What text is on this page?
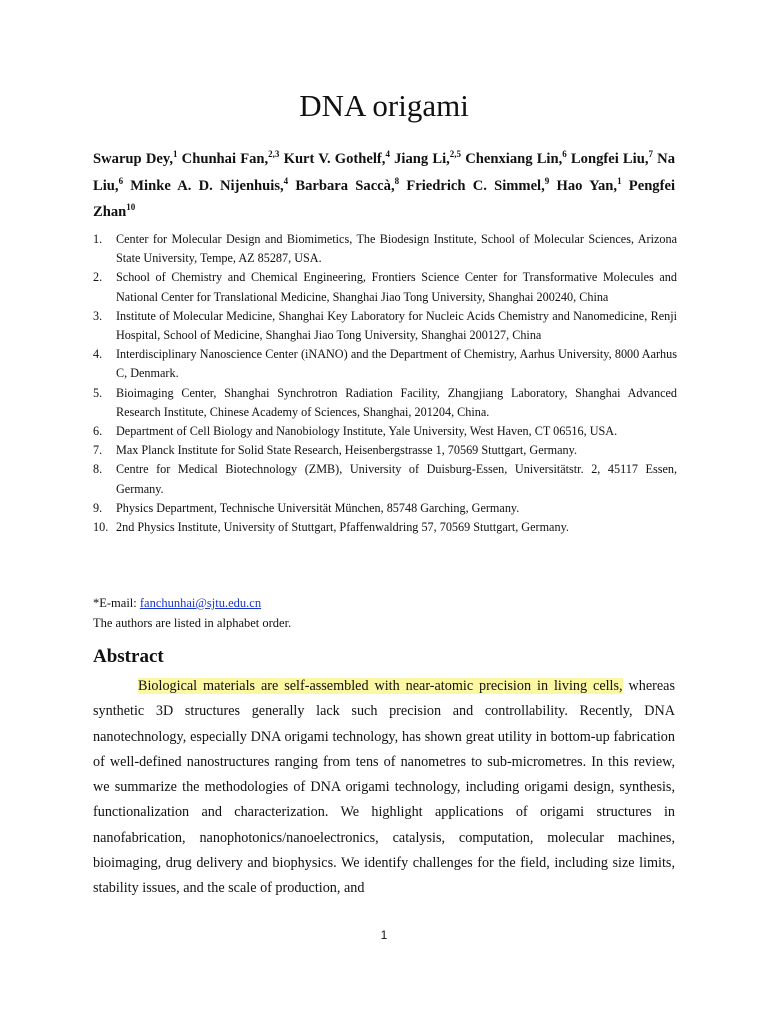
DNA origami

Swarup Dey,$^1$ Chunhai Fan,$^{2,3}$ Kurt V. Gothelf,$^4$ Jiang Li,$^{2,5}$ Chenxiang Lin,$^6$ Longfei Liu,$^7$ Na Liu,$^6$ Minke A. D. Nijenhuis,$^4$ Barbara Saccà,$^8$ Friedrich C. Simmel,$^9$ Hao Yan,$^1$ Pengfei Zhan$^{10}$

1. Center for Molecular Design and Biomimetics, The Biodesign Institute, School of Molecular Sciences, Arizona State University, Tempe, AZ 85287, USA.
2. School of Chemistry and Chemical Engineering, Frontiers Science Center for Transformative Molecules and National Center for Translational Medicine, Shanghai Jiao Tong University, Shanghai 200240, China
3. Institute of Molecular Medicine, Shanghai Key Laboratory for Nucleic Acids Chemistry and Nanomedicine, Renji Hospital, School of Medicine, Shanghai Jiao Tong University, Shanghai 200127, China
4. Interdisciplinary Nanoscience Center (iNANO) and the Department of Chemistry, Aarhus University, 8000 Aarhus C, Denmark.
5. Bioimaging Center, Shanghai Synchrotron Radiation Facility, Zhangjiang Laboratory, Shanghai Advanced Research Institute, Chinese Academy of Sciences, Shanghai, 201204, China.
6. Department of Cell Biology and Nanobiology Institute, Yale University, West Haven, CT 06516, USA.
7. Max Planck Institute for Solid State Research, Heisenbergstrasse 1, 70569 Stuttgart, Germany.
8. Centre for Medical Biotechnology (ZMB), University of Duisburg-Essen, Universitätstr. 2, 45117 Essen, Germany.
9. Physics Department, Technische Universität München, 85748 Garching, Germany.
10. 2nd Physics Institute, University of Stuttgart, Pfaffenwaldring 57, 70569 Stuttgart, Germany.
*E-mail: fanchunhai@sjtu.edu.cn
The authors are listed in alphabet order.
Abstract

Biological materials are self-assembled with near-atomic precision in living cells, whereas synthetic 3D structures generally lack such precision and controllability. Recently, DNA nanotechnology, especially DNA origami technology, has shown great utility in bottom-up fabrication of well-defined nanostructures ranging from tens of nanometres to sub-micrometres. In this review, we summarize the methodologies of DNA origami technology, including origami design, synthesis, functionalization and characterization. We highlight applications of origami structures in nanofabrication, nanophotonics/nanoelectronics, catalysis, computation, molecular machines, bioimaging, drug delivery and biophysics. We identify challenges for the field, including size limits, stability issues, and the scale of production, and

1
